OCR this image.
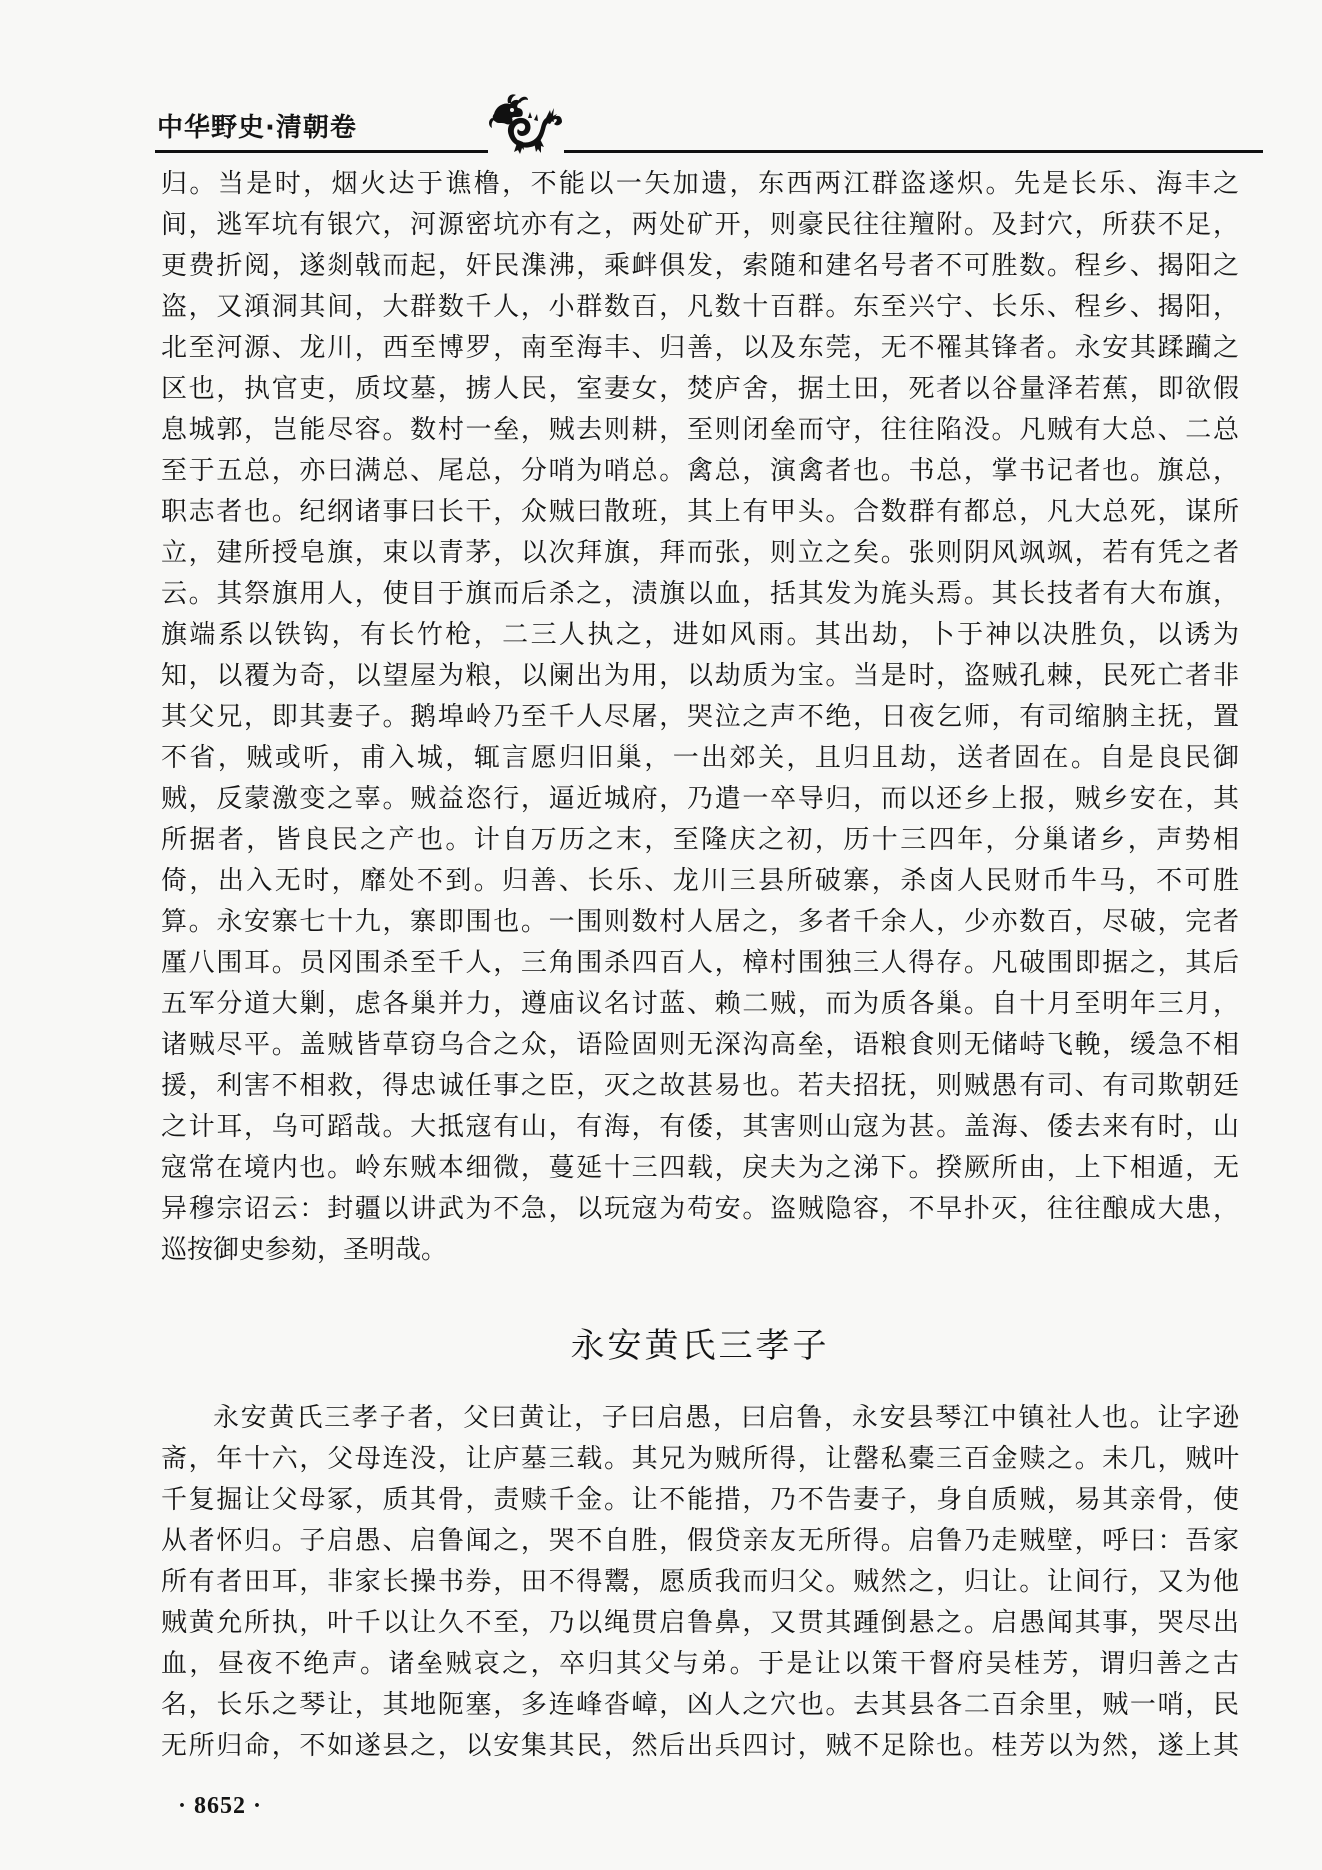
中华野史·清朝卷
归。当是时，烟火达于谯橹，不能以一矢加遗，东西两江群盗遂炽。先是长乐、海丰之
间，逃军坑有银穴，河源密坑亦有之，两处矿开，则豪民往往羶附。及封穴，所获不足，
更费折阅，遂剡戟而起，奸民潗沸，乘衅俱发，索随和建名号者不可胜数。程乡、揭阳之
盗，又澒洞其间，大群数千人，小群数百，凡数十百群。东至兴宁、长乐、程乡、揭阳，
北至河源、龙川，西至博罗，南至海丰、归善，以及东莞，无不罹其锋者。永安其蹂躏之
区也，执官吏，质坟墓，掳人民，室妻女，焚庐舍，据土田，死者以谷量泽若蕉，即欲假
息城郭，岂能尽容。数村一垒，贼去则耕，至则闭垒而守，往往陷没。凡贼有大总、二总
至于五总，亦曰满总、尾总，分哨为哨总。禽总，演禽者也。书总，掌书记者也。旗总，
职志者也。纪纲诸事曰长干，众贼曰散班，其上有甲头。合数群有都总，凡大总死，谋所
立，建所授皂旗，束以青茅，以次拜旗，拜而张，则立之矣。张则阴风飒飒，若有凭之者
云。其祭旗用人，使目于旗而后杀之，渍旗以血，括其发为旄头焉。其长技者有大布旗，
旗端系以铁钩，有长竹枪，二三人执之，进如风雨。其出劫，卜于神以决胜负，以诱为
知，以覆为奇，以望屋为粮，以阑出为用，以劫质为宝。当是时，盗贼孔棘，民死亡者非
其父兄，即其妻子。鹅埠岭乃至千人尽屠，哭泣之声不绝，日夜乞师，有司缩朒主抚，置
不省，贼或听，甫入城，辄言愿归旧巢，一出郊关，且归且劫，送者固在。自是良民御
贼，反蒙激变之辜。贼益恣行，逼近城府，乃遣一卒导归，而以还乡上报，贼乡安在，其
所据者，皆良民之产也。计自万历之末，至隆庆之初，历十三四年，分巢诸乡，声势相
倚，出入无时，靡处不到。归善、长乐、龙川三县所破寨，杀卤人民财币牛马，不可胜
算。永安寨七十九，寨即围也。一围则数村人居之，多者千余人，少亦数百，尽破，完者
厪八围耳。员冈围杀至千人，三角围杀四百人，樟村围独三人得存。凡破围即据之，其后
五军分道大剿，虑各巢并力，遵庙议名讨蓝、赖二贼，而为质各巢。自十月至明年三月，
诸贼尽平。盖贼皆草窃乌合之众，语险固则无深沟高垒，语粮食则无储峙飞輓，缓急不相
援，利害不相救，得忠诚任事之臣，灭之故甚易也。若夫招抚，则贼愚有司、有司欺朝廷
之计耳，乌可蹈哉。大抵寇有山，有海，有倭，其害则山寇为甚。盖海、倭去来有时，山
寇常在境内也。岭东贼本细微，蔓延十三四载，戾夫为之涕下。揆厥所由，上下相遁，无
异穆宗诏云：封疆以讲武为不急，以玩寇为苟安。盗贼隐容，不早扑灭，往往酿成大患，
巡按御史参劾，圣明哉。
永安黄氏三孝子
永安黄氏三孝子者，父曰黄让，子曰启愚，曰启鲁，永安县琴江中镇社人也。让字逊
斋，年十六，父母连没，让庐墓三载。其兄为贼所得，让罄私橐三百金赎之。未几，贼叶
千复掘让父母冢，质其骨，责赎千金。让不能措，乃不告妻子，身自质贼，易其亲骨，使
从者怀归。子启愚、启鲁闻之，哭不自胜，假贷亲友无所得。启鲁乃走贼壁，呼曰：吾家
所有者田耳，非家长操书券，田不得鬻，愿质我而归父。贼然之，归让。让间行，又为他
贼黄允所执，叶千以让久不至，乃以绳贯启鲁鼻，又贯其踵倒悬之。启愚闻其事，哭尽出
血，昼夜不绝声。诸垒贼哀之，卒归其父与弟。于是让以策干督府吴桂芳，谓归善之古
名，长乐之琴让，其地阨塞，多连峰沓嶂，凶人之穴也。去其县各二百余里，贼一哨，民
无所归命，不如遂县之，以安集其民，然后出兵四讨，贼不足除也。桂芳以为然，遂上其
· 8652 ·
